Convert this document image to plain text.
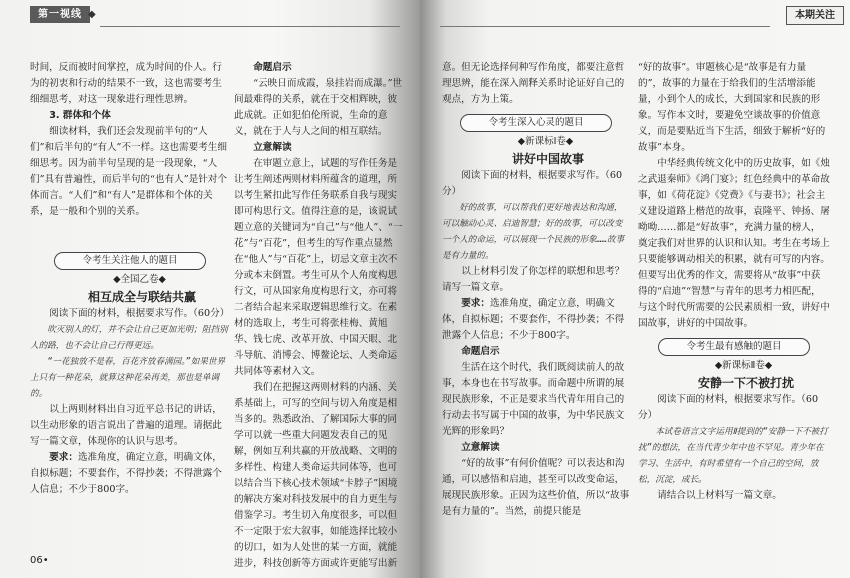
第一视线 ◆

时间，反而被时间掌控，成为时间的仆人。行为的初衷和行动的结果不一致，这也需要考生细细思考，对这一现象进行理性思辨。

3. 群体和个体

细读材料，我们还会发现前半句的“人们”和后半句的“有人”不一样。这也需要考生细细思考。因为前半句呈现的是一段现象，“人们”具有普遍性，而后半句的“也有人”是针对个体而言。“人们”和“有人”是群体和个体的关系，是一般和个别的关系。

令考生关注他人的题目

◆全国乙卷◆

相互成全与联结共赢

阅读下面的材料，根据要求写作。（60分）

吹灭别人的灯，并不会让自己更加光明；阻挡别人的路，也不会让自己行得更远。

“一花独放不是春，百花齐放春满园。”如果世界上只有一种花朵，就算这种花朵再美，那也是单调的。

以上两则材料出自习近平总书记的讲话，以生动形象的语言说出了普遍的道理。请据此写一篇文章，体现你的认识与思考。

要求：选准角度，确定立意，明确文体，自拟标题；不要套作，不得抄袭；不得泄露个人信息；不少于800字。

命题启示

“云映日而成霞，泉挂岩而成瀑。”世间最难得的关系，就在于交相辉映，彼此成就。正如犯伯伦所说，生命的意义，就在于人与人之间的相互联结。

立意解读

在审题立意上，试题的写作任务是让考生阐述两则材料所蕴含的道理，所以考生紧扣此写作任务联系自我与现实即可构思行文。值得注意的是，该说试题立意的关键词为“自己”与“他人”、“一花”与“百花”，但考生的写作重点显然在“他人”与“百花”上，切忌文章主次不分或本末倒置。考生可从个人角度构思行文，可从国家角度构思行文，亦可将二者结合起来采取逻辑思维行文。在素材的选取上，考生可将张桂梅、黄旭华、钱七虎、改革开放、中国天眼、北斗导航、消博会、博鳌论坛、人类命运共同体等素材入文。

我们在把握这两则材料的内涵、关系基础上，可写的空间与切入角度是相当多的。熟悉政治、了解国际大事的同学可以就一些重大问题发表自己的见解，例如互利共赢的开放战略、文明的多样性、构建人类命运共同体等，也可以结合当下核心技术领域“卡脖子”困境的解决方案对科技发展中的自力更生与借鉴学习。考生切入角度很多，可以但不一定限于宏大叙事，如能选择比较小的切口，如为人处世的某一方面，就能进步，科技创新等方面或许更能写出新

06•
本期关注

意。但无论选择何种写作角度，都要注意哲理思辨，能在深入阐释关系时论证好自己的观点，方为上策。

令考生深入心灵的题目

◆新课标Ⅰ卷◆

讲好中国故事

阅读下面的材料，根据要求写作。（60分）

好的故事，可以帮我们更好地表达和沟通，可以触动心灵、启迪智慧；好的故事，可以改变一个人的命运，可以展现一个民族的形象……故事是有力量的。

以上材料引发了你怎样的联想和思考？请写一篇文章。

要求：选准角度，确定立意，明确文体，自拟标题；不要套作，不得抄袭；不得泄露个人信息；不少于800字。

命题启示

生活在这个时代，我们既阅读前人的故事，本身也在书写故事。而命题中所谓的展现民族形象，不正是要求当代青年用自己的行动去书写属于中国的故事，为中华民族文光辉的形象吗？

立意解读

“好的故事”有何价值呢？可以表达和沟通，可以感悟和启迪，甚至可以改变命运，展现民族形象。正因为这些价值，所以“故事是有力量的”。当然，前提只能是

“好的故事”。审题核心是“故事是有力量的”，故事的力量在于给我们的生活增添能量，小到个人的成长，大到国家和民族的形象。写作本文时，要避免空谈故事的价值意义，而是要贴近当下生活，细致于解析“好的故事”本身。

中华经典传统文化中的历史故事，如《烛之武退秦师》《鸿门宴》；红色经典中的革命故事，如《荷花淀》《党费》《与妻书》；社会主义建设道路上楷范的故事，袁隆平、钟扬、屠呦呦……都是“好故事”，充满力量的榜人，奠定我们对世界的认识和认知。考生在考场上只要能够调动相关的积累，就有可写的内容。但要写出优秀的作文，需要将从“故事”中获得的“启迪”“智慧”与青年的思考力相匹配，与这个时代所需要的公民素质相一致，讲好中国故事，讲好的中国故事。

令考生最有感触的题目

◆新课标Ⅱ卷◆

安静一下不被打扰

阅读下面的材料，根据要求写作。（60分）

本试卷语言文字运用Ⅱ提到的“安静一下不被打扰”的想法，在当代青少年中也不罕见。青少年在学习、生活中，有时希望有一个自己的空间，放松，沉淀，成长。

请结合以上材料写一篇文章。
